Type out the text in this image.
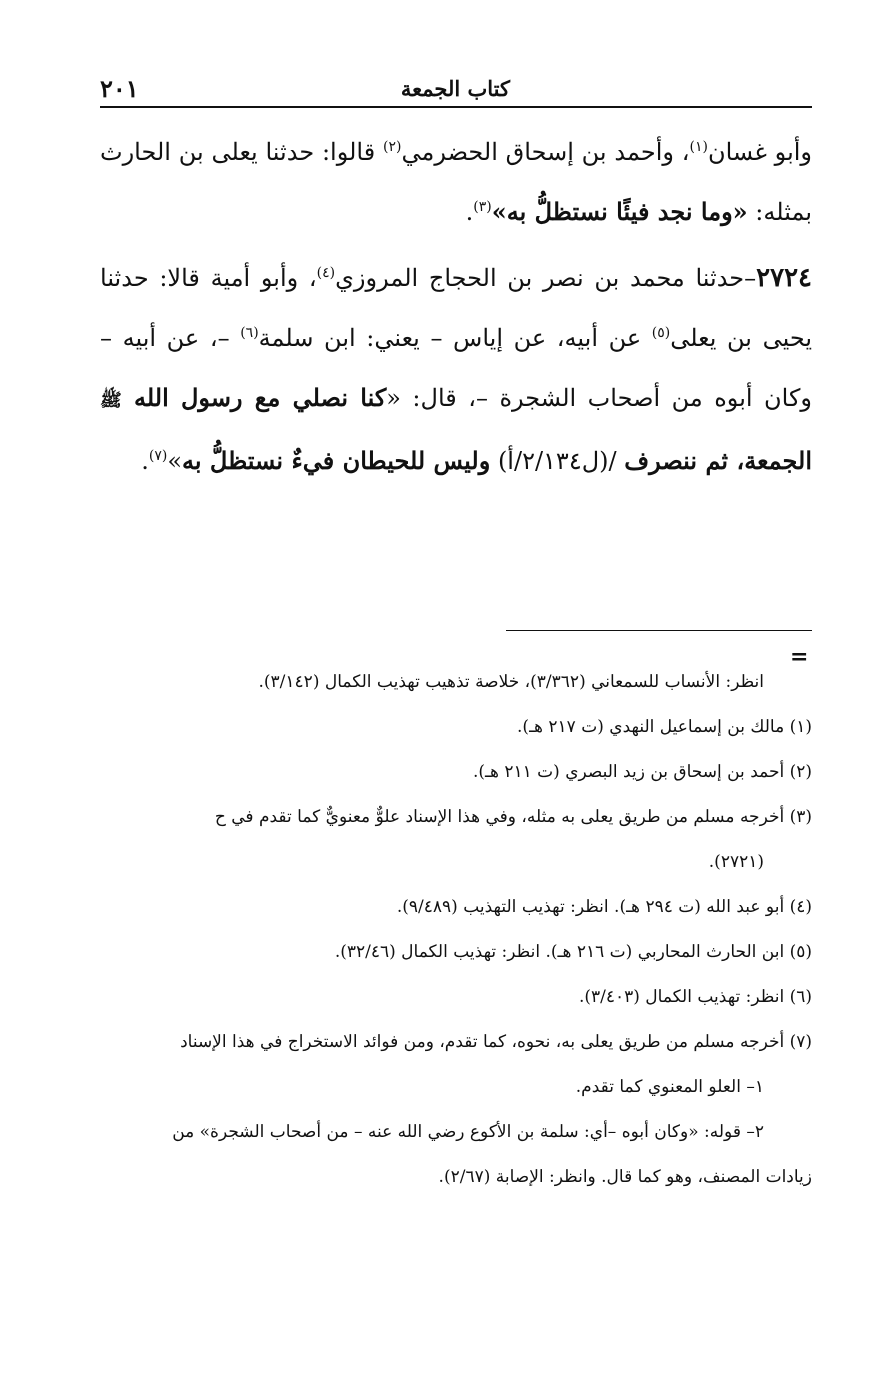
كتاب الجمعة
٢٠١

وأبو غسان$^{(١)}$، وأحمد بن إسحاق الحضرمي$^{(٢)}$ قالوا: حدثنا يعلى بن الحارث بمثله: «وما نجد فيئًا نستظلُّ به»$^{(٣)}$.

٢٧٢٤–حدثنا محمد بن نصر بن الحجاج المروزي$^{(٤)}$، وأبو أمية قالا: حدثنا يحيى بن يعلى$^{(٥)}$ عن أبيه، عن إياس – يعني: ابن سلمة$^{(٦)}$ –، عن أبيه – وكان أبوه من أصحاب الشجرة –، قال: «كنا نصلي مع رسول الله ﷺ الجمعة، ثم ننصرف /(ل٢/١٣٤/أ) وليس للحيطان فيءٌ نستظلُّ به»$^{(٧)}$.

=

انظر: الأنساب للسمعاني (٣/٣٦٢)، خلاصة تذهيب تهذيب الكمال (٣/١٤٢).

(١) مالك بن إسماعيل النهدي (ت ٢١٧ هـ).

(٢) أحمد بن إسحاق بن زيد البصري (ت ٢١١ هـ).

(٣) أخرجه مسلم من طريق يعلى به مثله، وفي هذا الإسناد علوٌّ معنويٌّ كما تقدم في ح
(٢٧٢١).

(٤) أبو عبد الله (ت ٢٩٤ هـ). انظر: تهذيب التهذيب (٩/٤٨٩).

(٥) ابن الحارث المحاربي (ت ٢١٦ هـ). انظر: تهذيب الكمال (٣٢/٤٦).

(٦) انظر: تهذيب الكمال (٣/٤٠٣).

(٧) أخرجه مسلم من طريق يعلى به، نحوه، كما تقدم، ومن فوائد الاستخراج في هذا الإسناد

١– العلو المعنوي كما تقدم.

٢– قوله: «وكان أبوه –أي: سلمة بن الأكوع رضي الله عنه – من أصحاب الشجرة» من

زيادات المصنف، وهو كما قال. وانظر: الإصابة (٢/٦٧).
